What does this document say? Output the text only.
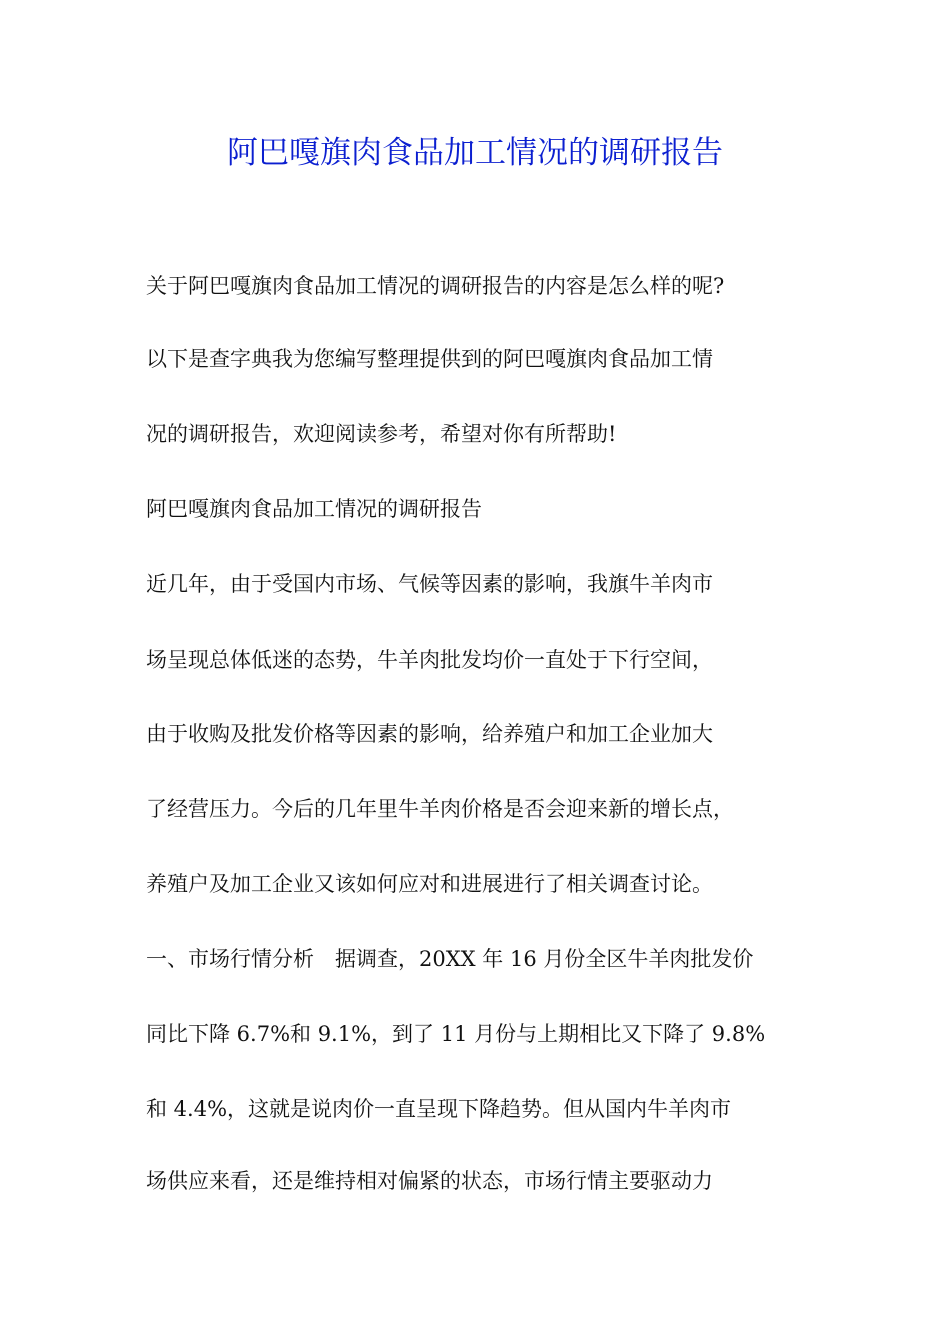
阿巴嘎旗肉食品加工情况的调研报告

关于阿巴嘎旗肉食品加工情况的调研报告的内容是怎么样的呢?

以下是查字典我为您编写整理提供到的阿巴嘎旗肉食品加工情

况的调研报告，欢迎阅读参考，希望对你有所帮助!

阿巴嘎旗肉食品加工情况的调研报告

近几年，由于受国内市场、气候等因素的影响，我旗牛羊肉市

场呈现总体低迷的态势，牛羊肉批发均价一直处于下行空间，

由于收购及批发价格等因素的影响，给养殖户和加工企业加大

了经营压力。今后的几年里牛羊肉价格是否会迎来新的增长点，

养殖户及加工企业又该如何应对和进展进行了相关调查讨论。

一、市场行情分析　据调查，20XX 年 16 月份全区牛羊肉批发价

同比下降 6.7%和 9.1%，到了 11 月份与上期相比又下降了 9.8%

和 4.4%，这就是说肉价一直呈现下降趋势。但从国内牛羊肉市

场供应来看，还是维持相对偏紧的状态，市场行情主要驱动力
